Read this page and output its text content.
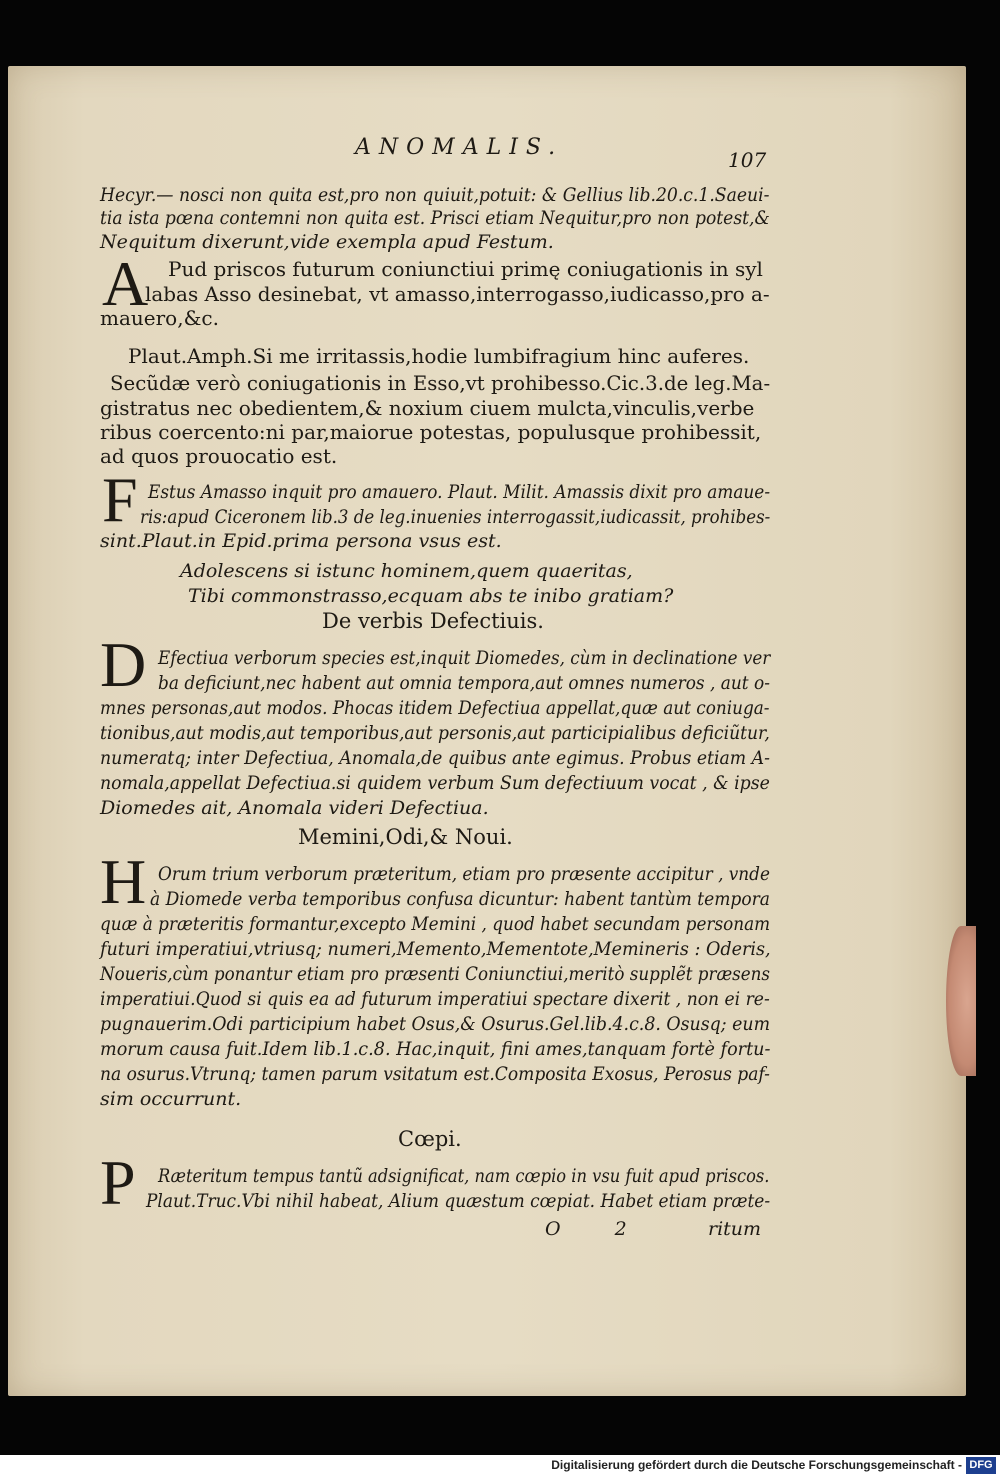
ANOMALIS.	107
Hecyr.— nosci non quita est,pro non quiuit,potuit: & Gellius lib.20.c.1.Saeui-
tia ista pœna contemni non quita est. Prisci etiam Nequitur,pro non potest,&
Nequitum dixerunt,vide exempla apud Festum.
A Pud priscos futurum coniunctiui primę coniugationis in syl
labas Asso desinebat, vt amasso,interrogasso,iudicasso,pro a-
mauero,&c.
Plaut.Amph.Si me irritassis,hodie lumbifragium hinc auferes.
Secũdæ verò coniugationis in Esso,vt prohibesso.Cic.3.de leg.Ma-
gistratus nec obedientem,& noxium ciuem mulcta,vinculis,verbe
ribus coercento:ni par,maiorue potestas, populusque prohibessit,
ad quos prouocatio est.
F Estus Amasso inquit pro amauero. Plaut. Milit. Amassis dixit pro amaue-
ris:apud Ciceronem lib.3 de leg.inuenies interrogassit,iudicassit, prohibes-
sint.Plaut.in Epid.prima persona vsus est.
Adolescens si istunc hominem,quem quaeritas,
Tibi commonstrasso,ecquam abs te inibo gratiam?
De verbis Defectiuis.
D Efectiua verborum species est,inquit Diomedes, cùm in declinatione ver
ba deficiunt,nec habent aut omnia tempora,aut omnes numeros , aut o-
mnes personas,aut modos. Phocas itidem Defectiua appellat,quæ aut coniuga-
tionibus,aut modis,aut temporibus,aut personis,aut participialibus deficiũtur,
numeratq; inter Defectiua, Anomala,de quibus ante egimus. Probus etiam A-
nomala,appellat Defectiua.si quidem verbum Sum defectiuum vocat , & ipse
Diomedes ait, Anomala videri Defectiua.
Memini,Odi,& Noui.
H Orum trium verborum præteritum, etiam pro præsente accipitur , vnde
à Diomede verba temporibus confusa dicuntur: habent tantùm tempora
quæ à præteritis formantur,excepto Memini , quod habet secundam personam
futuri imperatiui,vtriusq; numeri,Memento,Mementote,Memineris : Oderis,
Noueris,cùm ponantur etiam pro præsenti Coniunctiui,meritò supplẽt præsens
imperatiui.Quod si quis ea ad futurum imperatiui spectare dixerit , non ei re-
pugnauerim.Odi participium habet Osus,& Osurus.Gel.lib.4.c.8. Osusq; eum
morum causa fuit.Idem lib.1.c.8. Hac,inquit, fini ames,tanquam fortè fortu-
na osurus.Vtrunq; tamen parum vsitatum est.Composita Exosus, Perosus paf-
sim occurrunt.
Cœpi.
P Ræteritum tempus tantũ adsignificat, nam cœpio in vsu fuit apud priscos.
Plaut.Truc.Vbi nihil habeat, Alium quæstum cœpiat. Habet etiam præte-
O 2	ritum
Digitalisierung gefördert durch die Deutsche Forschungsgemeinschaft - DFG
